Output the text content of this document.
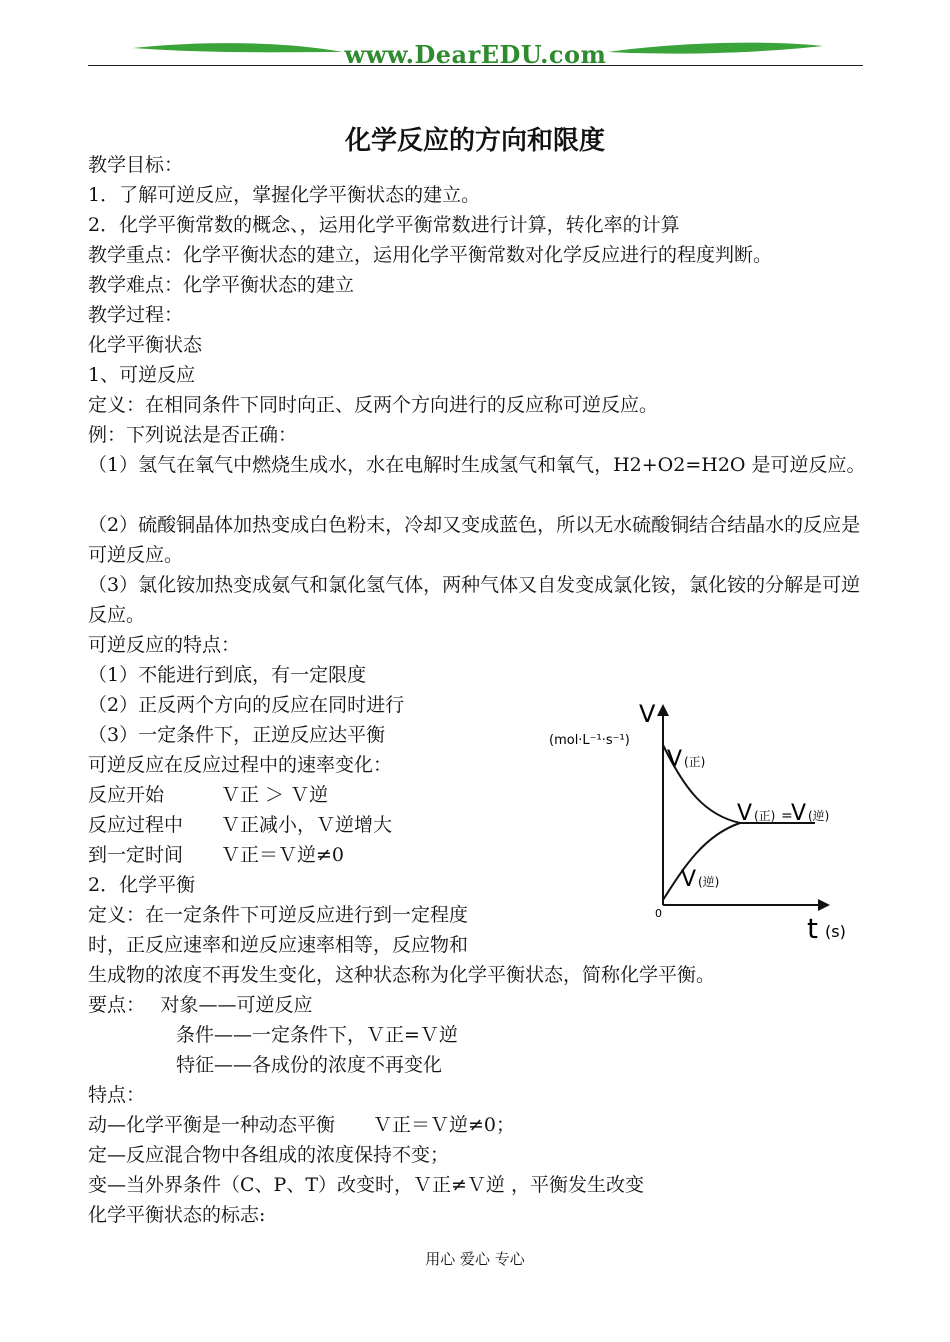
www.DearEDU.com
化学反应的方向和限度
教学目标：
1．了解可逆反应，掌握化学平衡状态的建立。
2．化学平衡常数的概念、，运用化学平衡常数进行计算，转化率的计算
教学重点：化学平衡状态的建立，运用化学平衡常数对化学反应进行的程度判断。
教学难点：化学平衡状态的建立
教学过程：
化学平衡状态
1、可逆反应
定义：在相同条件下同时向正、反两个方向进行的反应称可逆反应。
例：下列说法是否正确：
（1）氢气在氧气中燃烧生成水，水在电解时生成氢气和氧气，H2+O2=H2O 是可逆反应。
（2）硫酸铜晶体加热变成白色粉末，冷却又变成蓝色，所以无水硫酸铜结合结晶水的反应是可逆反应。
（3）氯化铵加热变成氨气和氯化氢气体，两种气体又自发变成氯化铵，氯化铵的分解是可逆反应。
可逆反应的特点：
（1）不能进行到底，有一定限度
（2）正反两个方向的反应在同时进行
（3）一定条件下，正逆反应达平衡
可逆反应在反应过程中的速率变化：
反应开始　　　Ｖ正 ＞ Ｖ逆
反应过程中　　Ｖ正减小，Ｖ逆增大
到一定时间　　Ｖ正＝Ｖ逆≠0
2．化学平衡
定义：在一定条件下可逆反应进行到一定程度
时，正反应速率和逆反应速率相等，反应物和
生成物的浓度不再发生变化，这种状态称为化学平衡状态，简称化学平衡。
要点：　 对象——可逆反应
条件——一定条件下，Ｖ正=Ｖ逆
特征——各成份的浓度不再变化
特点：
动—化学平衡是一种动态平衡　　Ｖ正＝Ｖ逆≠0；
定—反应混合物中各组成的浓度保持不变；
变—当外界条件（C、P、T）改变时，Ｖ正≠Ｖ逆 ，平衡发生改变
化学平衡状态的标志:
V
(mol·L⁻¹·s⁻¹)
V (正)
V (正) =
V (逆)
V (逆)
0	t (s)
用心 爱心 专心
